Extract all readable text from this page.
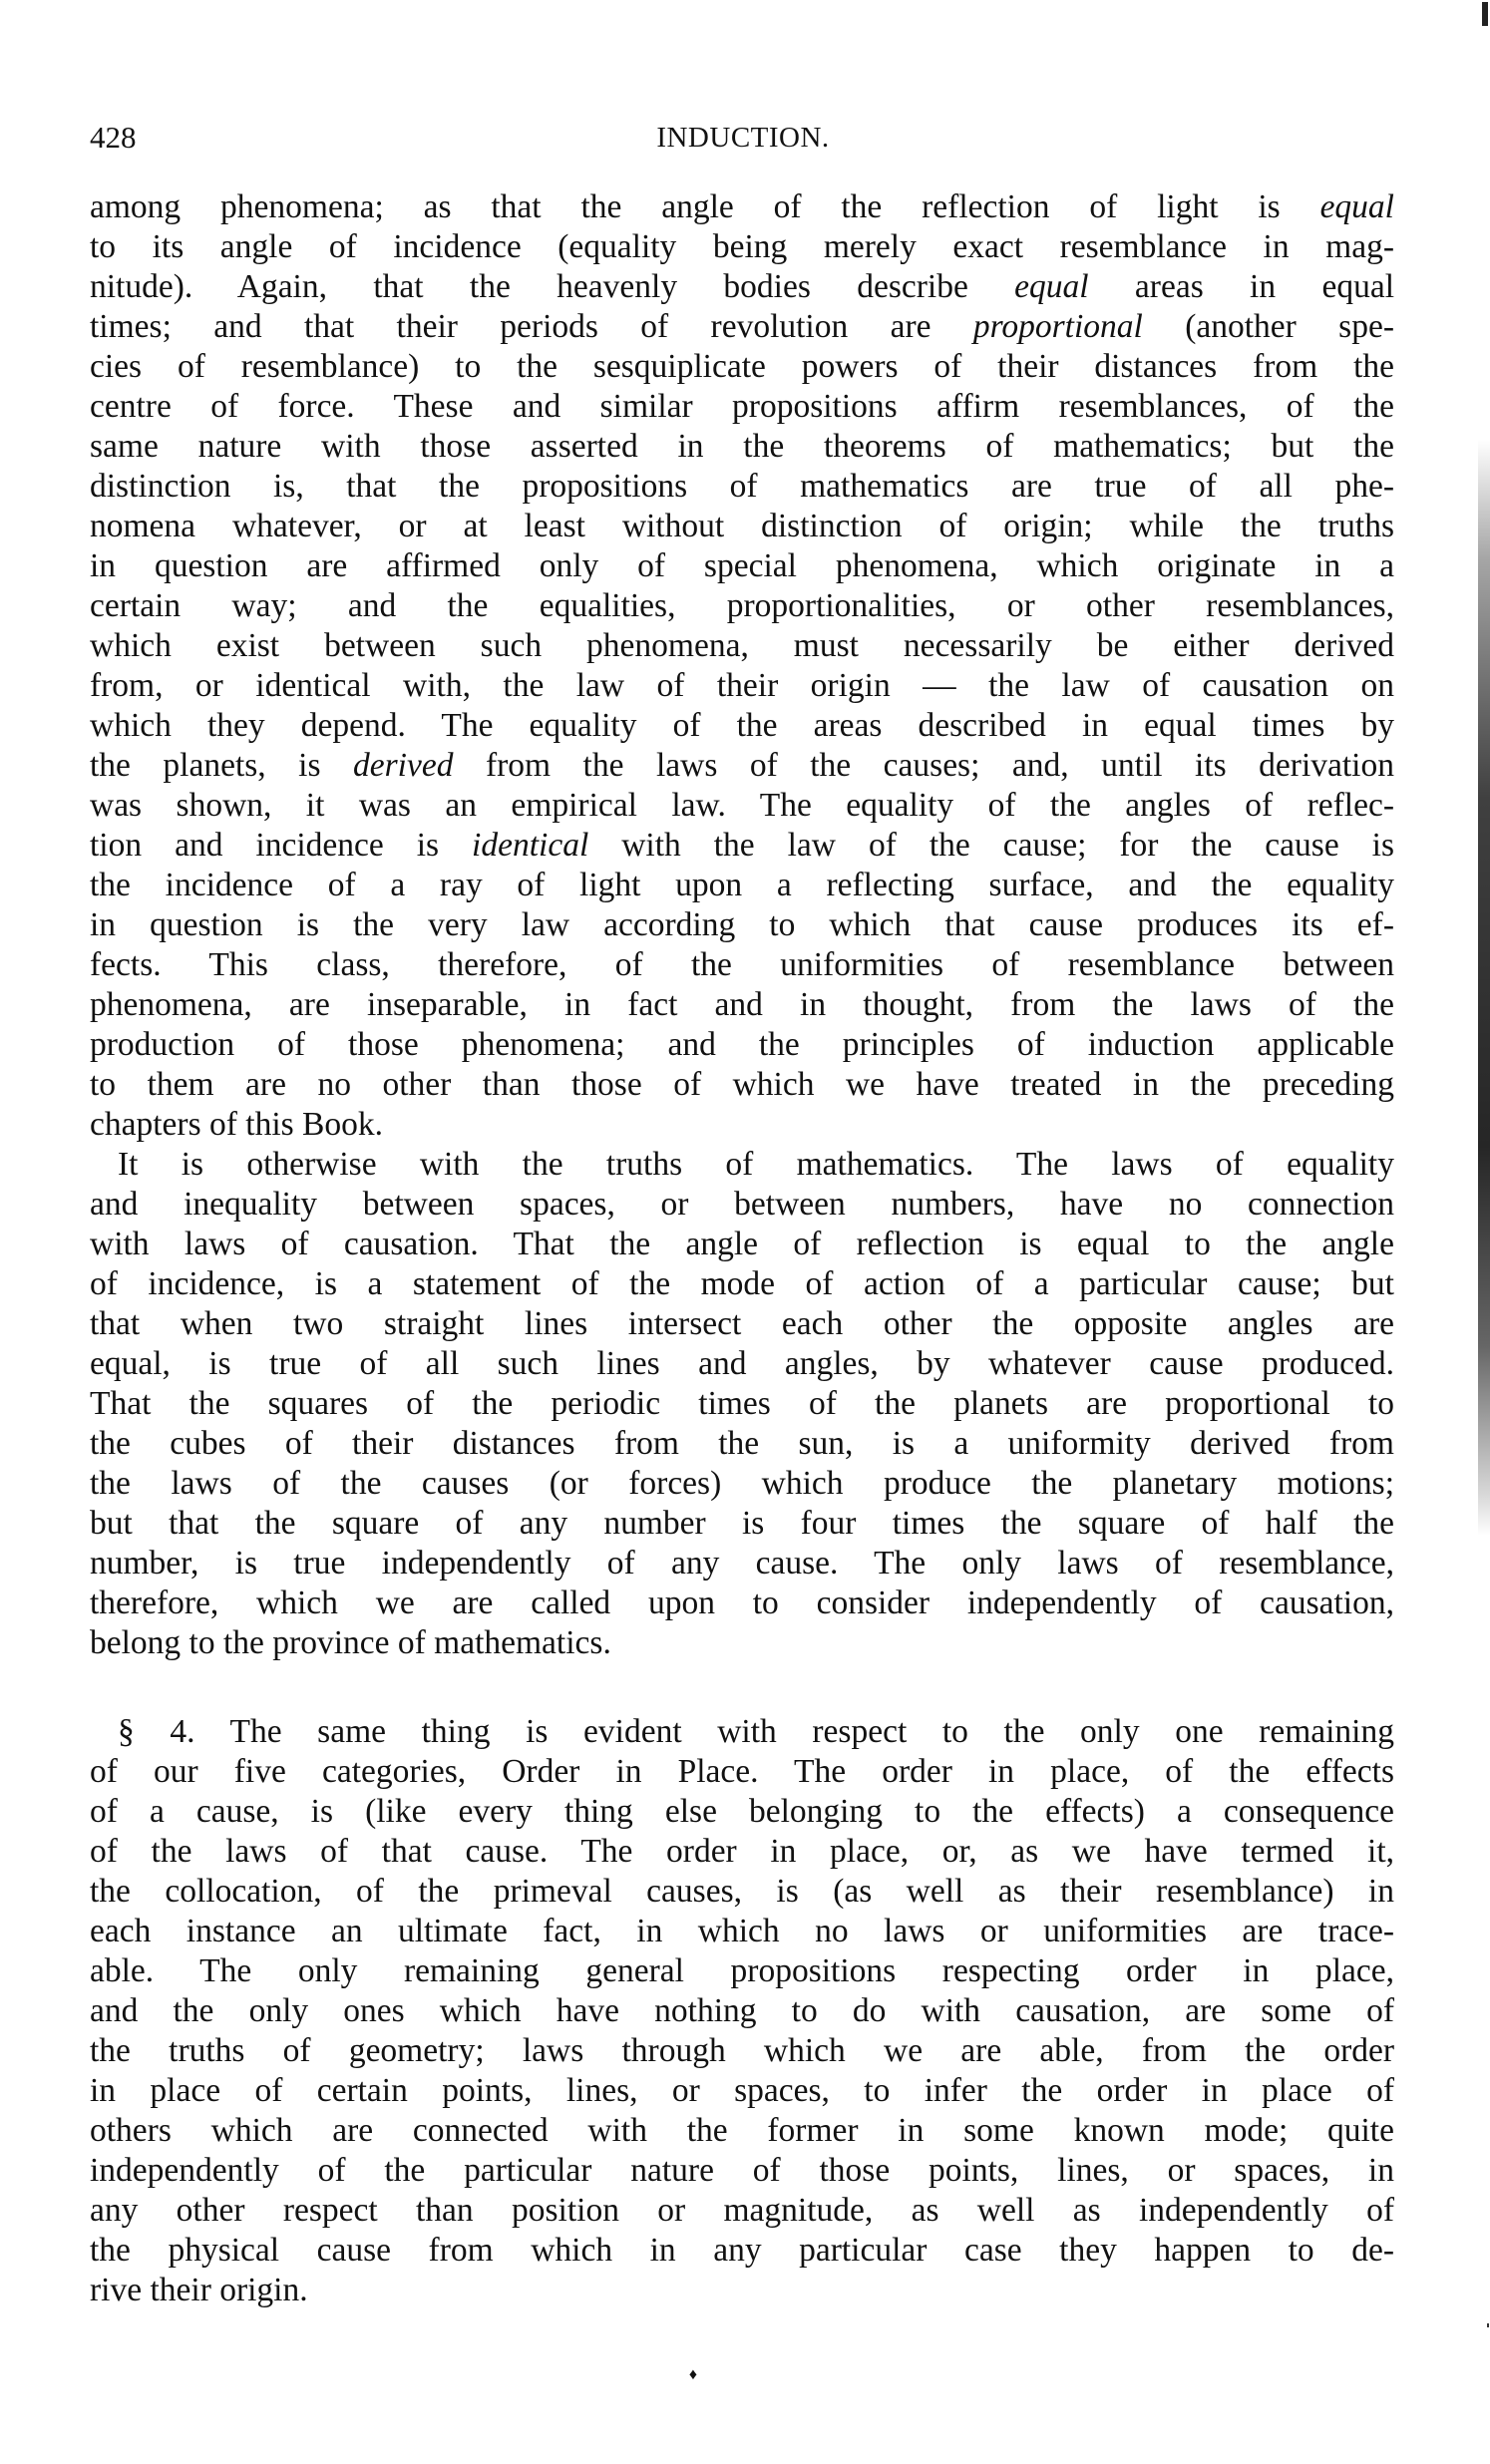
428	INDUCTION.
among phenomena; as that the angle of the reflection of light is equal
to its angle of incidence (equality being merely exact resemblance in mag-
nitude). Again, that the heavenly bodies describe equal areas in equal
times; and that their periods of revolution are proportional (another spe-
cies of resemblance) to the sesquiplicate powers of their distances from the
centre of force. These and similar propositions affirm resemblances, of the
same nature with those asserted in the theorems of mathematics; but the
distinction is, that the propositions of mathematics are true of all phe-
nomena whatever, or at least without distinction of origin; while the truths
in question are affirmed only of special phenomena, which originate in a
certain way; and the equalities, proportionalities, or other resemblances,
which exist between such phenomena, must necessarily be either derived
from, or identical with, the law of their origin — the law of causation on
which they depend. The equality of the areas described in equal times by
the planets, is derived from the laws of the causes; and, until its derivation
was shown, it was an empirical law. The equality of the angles of reflec-
tion and incidence is identical with the law of the cause; for the cause is
the incidence of a ray of light upon a reflecting surface, and the equality
in question is the very law according to which that cause produces its ef-
fects. This class, therefore, of the uniformities of resemblance between
phenomena, are inseparable, in fact and in thought, from the laws of the
production of those phenomena; and the principles of induction applicable
to them are no other than those of which we have treated in the preceding
chapters of this Book.
It is otherwise with the truths of mathematics. The laws of equality
and inequality between spaces, or between numbers, have no connection
with laws of causation. That the angle of reflection is equal to the angle
of incidence, is a statement of the mode of action of a particular cause; but
that when two straight lines intersect each other the opposite angles are
equal, is true of all such lines and angles, by whatever cause produced.
That the squares of the periodic times of the planets are proportional to
the cubes of their distances from the sun, is a uniformity derived from
the laws of the causes (or forces) which produce the planetary motions;
but that the square of any number is four times the square of half the
number, is true independently of any cause. The only laws of resemblance,
therefore, which we are called upon to consider independently of causation,
belong to the province of mathematics.
§ 4. The same thing is evident with respect to the only one remaining
of our five categories, Order in Place. The order in place, of the effects
of a cause, is (like every thing else belonging to the effects) a consequence
of the laws of that cause. The order in place, or, as we have termed it,
the collocation, of the primeval causes, is (as well as their resemblance) in
each instance an ultimate fact, in which no laws or uniformities are trace-
able. The only remaining general propositions respecting order in place,
and the only ones which have nothing to do with causation, are some of
the truths of geometry; laws through which we are able, from the order
in place of certain points, lines, or spaces, to infer the order in place of
others which are connected with the former in some known mode; quite
independently of the particular nature of those points, lines, or spaces, in
any other respect than position or magnitude, as well as independently of
the physical cause from which in any particular case they happen to de-
rive their origin.
♦
